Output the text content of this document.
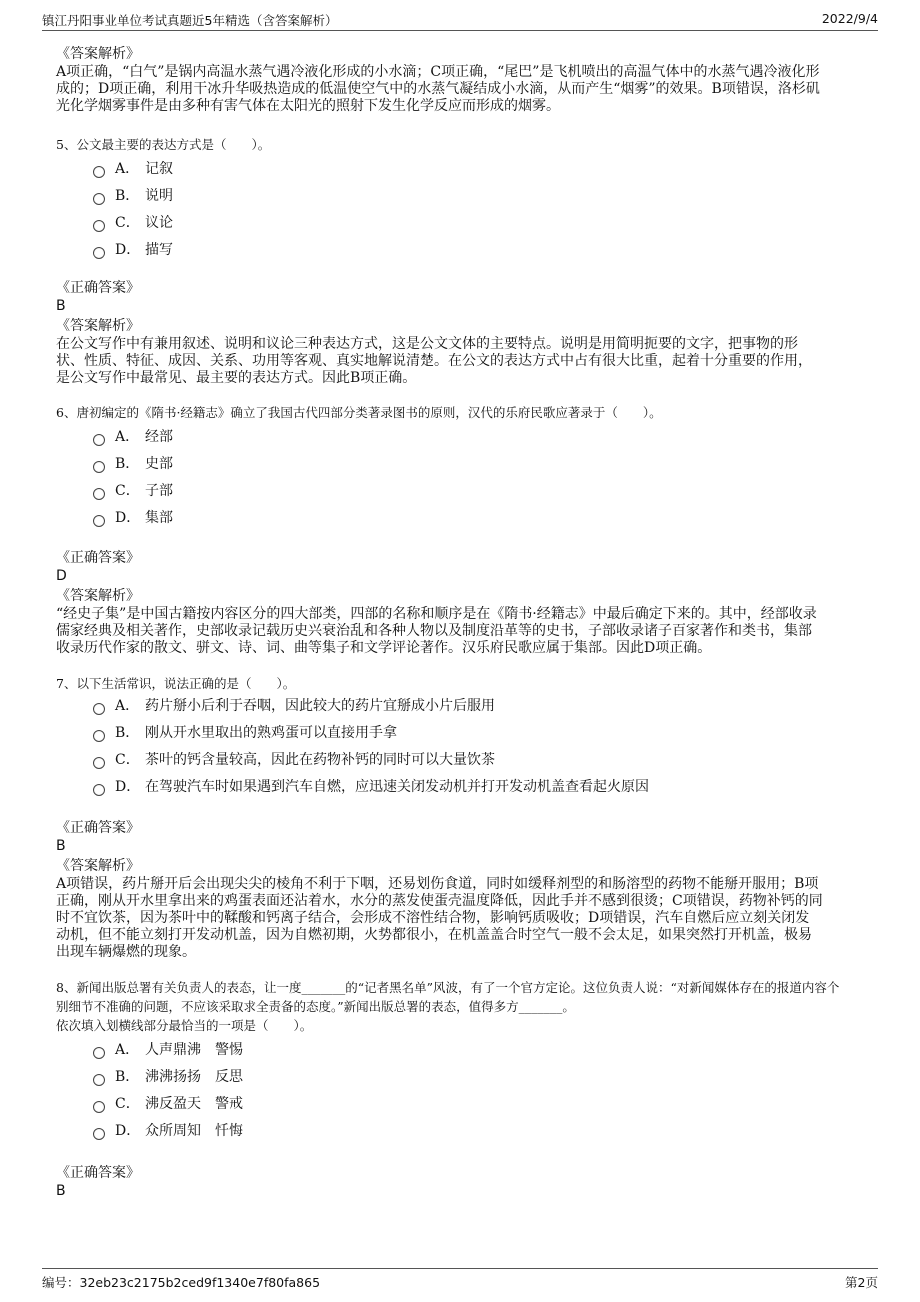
镇江丹阳事业单位考试真题近5年精选（含答案解析）	2022/9/4
《答案解析》
A项正确，“白气”是锅内高温水蒸气遇冷液化形成的小水滴；C项正确，“尾巴”是飞机喷出的高温气体中的水蒸气遇冷液化形
成的；D项正确，利用干冰升华吸热造成的低温使空气中的水蒸气凝结成小水滴，从而产生“烟雾”的效果。B项错误，洛杉矶
光化学烟雾事件是由多种有害气体在太阳光的照射下发生化学反应而形成的烟雾。
5、公文最主要的表达方式是（　　）。
A． 记叙
B． 说明
C． 议论
D． 描写
《正确答案》
B
《答案解析》
在公文写作中有兼用叙述、说明和议论三种表达方式，这是公文文体的主要特点。说明是用简明扼要的文字，把事物的形
状、性质、特征、成因、关系、功用等客观、真实地解说清楚。在公文的表达方式中占有很大比重，起着十分重要的作用，
是公文写作中最常见、最主要的表达方式。因此B项正确。
6、唐初编定的《隋书·经籍志》确立了我国古代四部分类著录图书的原则，汉代的乐府民歌应著录于（　　）。
A． 经部
B． 史部
C． 子部
D． 集部
《正确答案》
D
《答案解析》
“经史子集”是中国古籍按内容区分的四大部类，四部的名称和顺序是在《隋书·经籍志》中最后确定下来的。其中，经部收录
儒家经典及相关著作，史部收录记载历史兴衰治乱和各种人物以及制度沿革等的史书，子部收录诸子百家著作和类书，集部
收录历代作家的散文、骈文、诗、词、曲等集子和文学评论著作。汉乐府民歌应属于集部。因此D项正确。
7、以下生活常识，说法正确的是（　　）。
A． 药片掰小后利于吞咽，因此较大的药片宜掰成小片后服用
B． 刚从开水里取出的熟鸡蛋可以直接用手拿
C． 茶叶的钙含量较高，因此在药物补钙的同时可以大量饮茶
D． 在驾驶汽车时如果遇到汽车自燃，应迅速关闭发动机并打开发动机盖查看起火原因
《正确答案》
B
《答案解析》
A项错误，药片掰开后会出现尖尖的棱角不利于下咽，还易划伤食道，同时如缓释剂型的和肠溶型的药物不能掰开服用；B项
正确，刚从开水里拿出来的鸡蛋表面还沾着水，水分的蒸发使蛋壳温度降低，因此手并不感到很烫；C项错误，药物补钙的同
时不宜饮茶，因为茶叶中的鞣酸和钙离子结合，会形成不溶性结合物，影响钙质吸收；D项错误，汽车自燃后应立刻关闭发
动机，但不能立刻打开发动机盖，因为自燃初期，火势都很小，在机盖盖合时空气一般不会太足，如果突然打开机盖，极易
出现车辆爆燃的现象。
8、新闻出版总署有关负责人的表态，让一度_______的“记者黑名单”风波，有了一个官方定论。这位负责人说：“对新闻媒体存在的报道内容个
别细节不准确的问题，不应该采取求全责备的态度。”新闻出版总署的表态，值得多方_______。
依次填入划横线部分最恰当的一项是（　　）。
A． 人声鼎沸　警惕
B． 沸沸扬扬　反思
C． 沸反盈天　警戒
D． 众所周知　忏悔
《正确答案》
B
编号：32eb23c2175b2ced9f1340e7f80fa865	第2页
